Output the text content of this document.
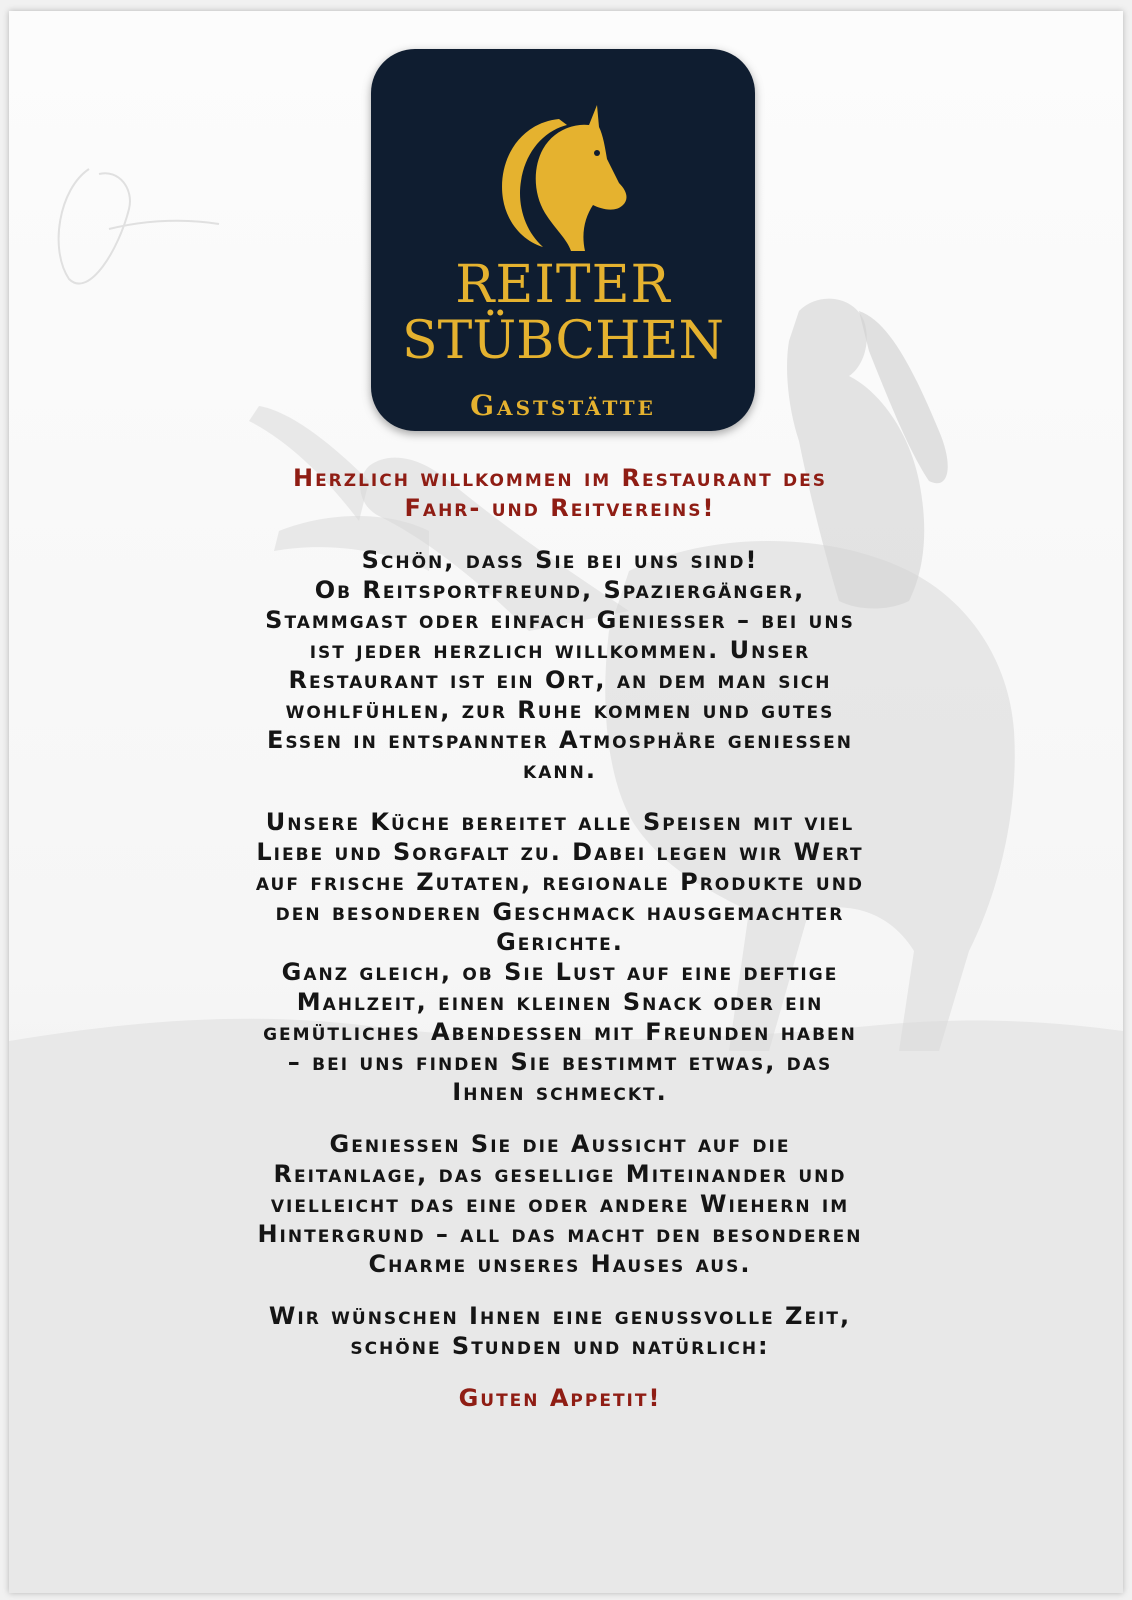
REITER
STÜBCHEN
Gaststätte

Herzlich willkommen im Restaurant des
Fahr- und Reitvereins!

Schön, dass Sie bei uns sind!
Ob Reitsportfreund, Spaziergänger,
Stammgast oder einfach Geniesser – bei uns
ist jeder herzlich willkommen. Unser
Restaurant ist ein Ort, an dem man sich
wohlfühlen, zur Ruhe kommen und gutes
Essen in entspannter Atmosphäre geniessen
kann.

Unsere Küche bereitet alle Speisen mit viel
Liebe und Sorgfalt zu. Dabei legen wir Wert
auf frische Zutaten, regionale Produkte und
den besonderen Geschmack hausgemachter
Gerichte.
Ganz gleich, ob Sie Lust auf eine deftige
Mahlzeit, einen kleinen Snack oder ein
gemütliches Abendessen mit Freunden haben
– bei uns finden Sie bestimmt etwas, das
Ihnen schmeckt.

Geniessen Sie die Aussicht auf die
Reitanlage, das gesellige Miteinander und
vielleicht das eine oder andere Wiehern im
Hintergrund – all das macht den besonderen
Charme unseres Hauses aus.

Wir wünschen Ihnen eine genussvolle Zeit,
schöne Stunden und natürlich:

Guten Appetit!
